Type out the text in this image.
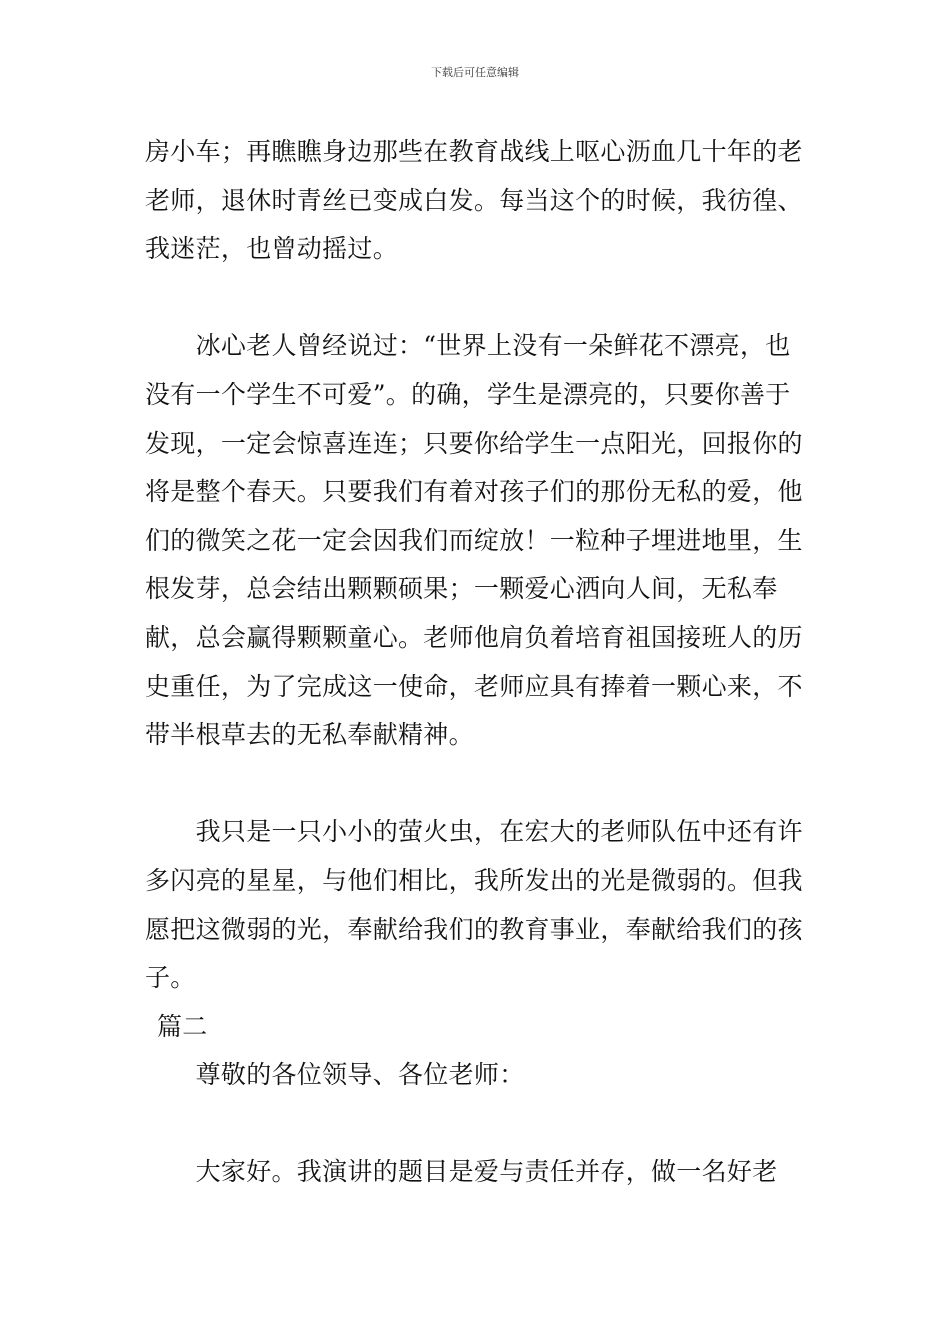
下载后可任意编辑

房小车；再瞧瞧身边那些在教育战线上呕心沥血几十年的老老师，退休时青丝已变成白发。每当这个的时候，我彷徨、我迷茫，也曾动摇过。

　　冰心老人曾经说过：“世界上没有一朵鲜花不漂亮，也没有一个学生不可爱”。的确，学生是漂亮的，只要你善于发现，一定会惊喜连连；只要你给学生一点阳光，回报你的将是整个春天。只要我们有着对孩子们的那份无私的爱，他们的微笑之花一定会因我们而绽放！一粒种子埋进地里，生根发芽，总会结出颗颗硕果；一颗爱心洒向人间，无私奉献，总会赢得颗颗童心。老师他肩负着培育祖国接班人的历史重任，为了完成这一使命，老师应具有捧着一颗心来，不带半根草去的无私奉献精神。

　　我只是一只小小的萤火虫，在宏大的老师队伍中还有许多闪亮的星星，与他们相比，我所发出的光是微弱的。但我愿把这微弱的光，奉献给我们的教育事业，奉献给我们的孩子。

篇二

　　尊敬的各位领导、各位老师：

　　大家好。我演讲的题目是爱与责任并存，做一名好老
